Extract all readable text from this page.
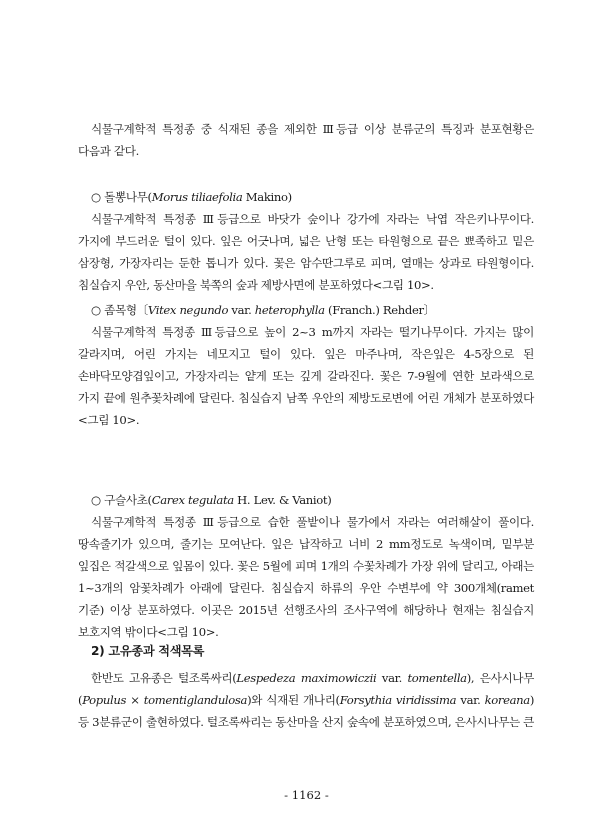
식물구계학적 특정종 중 식재된 종을 제외한 Ⅲ등급 이상 분류군의 특징과 분포현황은 다음과 같다.

○ 돌뽕나무(Morus tiliaefolia Makino)

식물구계학적 특정종 Ⅲ등급으로 바닷가 숲이나 강가에 자라는 낙엽 작은키나무이다. 가지에 부드러운 털이 있다. 잎은 어긋나며, 넓은 난형 또는 타원형으로 끝은 뾰족하고 밑은 삼장형, 가장자리는 둔한 톱니가 있다. 꽃은 암수딴그루로 피며, 열매는 상과로 타원형이다. 침실습지 우안, 동산마을 북쪽의 숲과 제방사면에 분포하였다<그림 10>.

○ 좀목형〔Vitex negundo var. heterophylla (Franch.) Rehder〕

식물구계학적 특정종 Ⅲ등급으로 높이 2~3 m까지 자라는 떨기나무이다. 가지는 많이 갈라지며, 어린 가지는 네모지고 털이 있다. 잎은 마주나며, 작은잎은 4-5장으로 된 손바닥모양겹잎이고, 가장자리는 얕게 또는 깊게 갈라진다. 꽃은 7-9월에 연한 보라색으로 가지 끝에 원추꽃차례에 달린다. 침실습지 남쪽 우안의 제방도로변에 어린 개체가 분포하였다<그림 10>.

○ 구슬사초(Carex tegulata H. Lev. & Vaniot)

식물구계학적 특정종 Ⅲ등급으로 습한 풀밭이나 물가에서 자라는 여러해살이 풀이다. 땅속줄기가 있으며, 줄기는 모여난다. 잎은 납작하고 너비 2 mm정도로 녹색이며, 밑부분 잎집은 적갈색으로 잎몸이 있다. 꽃은 5월에 피며 1개의 수꽃차례가 가장 위에 달리고, 아래는 1~3개의 암꽃차례가 아래에 달린다. 침실습지 하류의 우안 수변부에 약 300개체(ramet 기준) 이상 분포하였다. 이곳은 2015년 선행조사의 조사구역에 해당하나 현재는 침실습지 보호지역 밖이다<그림 10>.

2) 고유종과 적색목록

한반도 고유종은 털조록싸리(Lespedeza maximowiczii var. tomentella), 은사시나무(Populus × tomentiglandulosa)와 식재된 개나리(Forsythia viridissima var. koreana) 등 3분류군이 출현하였다. 털조록싸리는 동산마을 산지 숲속에 분포하였으며, 은사시나무는 큰

- 1162 -
